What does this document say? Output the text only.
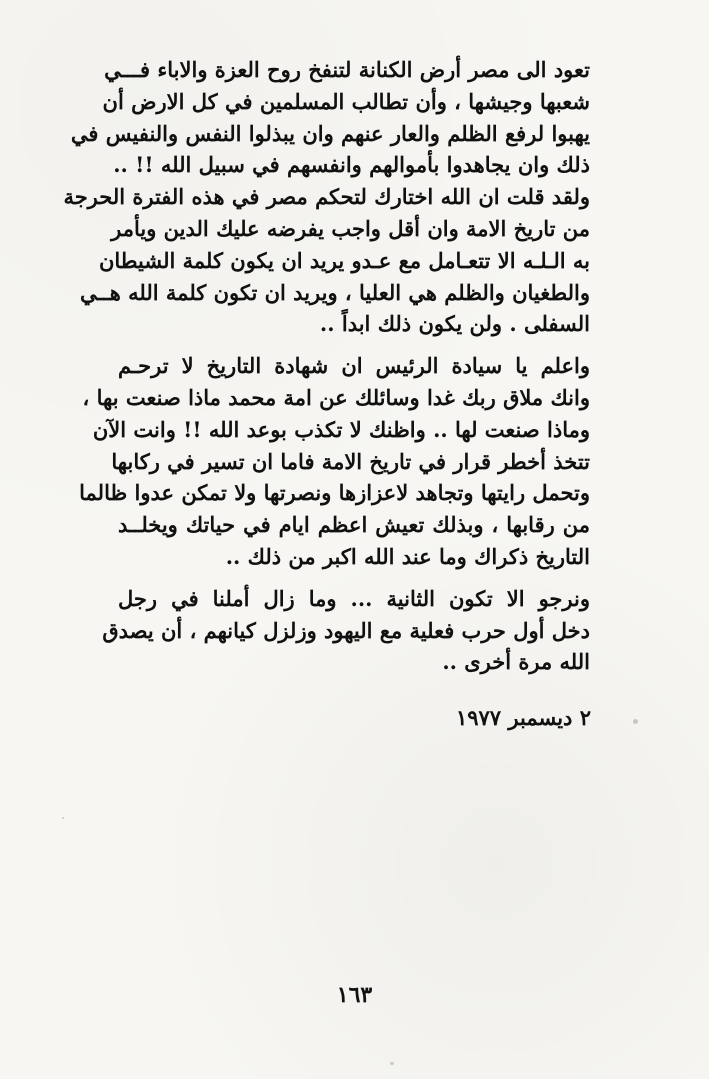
تعود الى مصر أرض الكنانة لتنفخ روح العزة والاباء فـــي
شعبها وجيشها ، وأن تطالب المسلمين في كل الارض أن
يهبوا لرفع الظلم والعار عنهم وان يبذلوا النفس والنفيس في
ذلك وان يجاهدوا بأموالهم وانفسهم في سبيل الله !! ..
ولقد قلت ان الله اختارك لتحكم مصر في هذه الفترة الحرجة
من تاريخ الامة وان أقل واجب يفرضه عليك الدين ويأمر
به الـلـه الا تتعـامل مع عـدو يريد ان يكون كلمة الشيطان
والطغيان والظلم هي العليا ، ويريد ان تكون كلمة الله هــي
السفلى . ولن يكون ذلك ابداً ..
واعلم يا سيادة الرئيس ان شهادة التاريخ لا ترحـم
وانك ملاق ربك غدا وسائلك عن امة محمد ماذا صنعت بها ،
وماذا صنعت لها .. واظنك لا تكذب بوعد الله !! وانت الآن
تتخذ أخطر قرار في تاريخ الامة فاما ان تسير في ركابها
وتحمل رايتها وتجاهد لاعزازها ونصرتها ولا تمكن عدوا ظالما
من رقابها ، وبذلك تعيش اعظم ايام في حياتك ويخلــد
التاريخ ذكراك وما عند الله اكبر من ذلك ..
ونرجو الا تكون الثانية ... وما زال أملنا في رجل
دخل أول حرب فعلية مع اليهود وزلزل كيانهم ، أن يصدق
الله مرة أخرى ..
٢ ديسمبر ١٩٧٧
١٦٣
